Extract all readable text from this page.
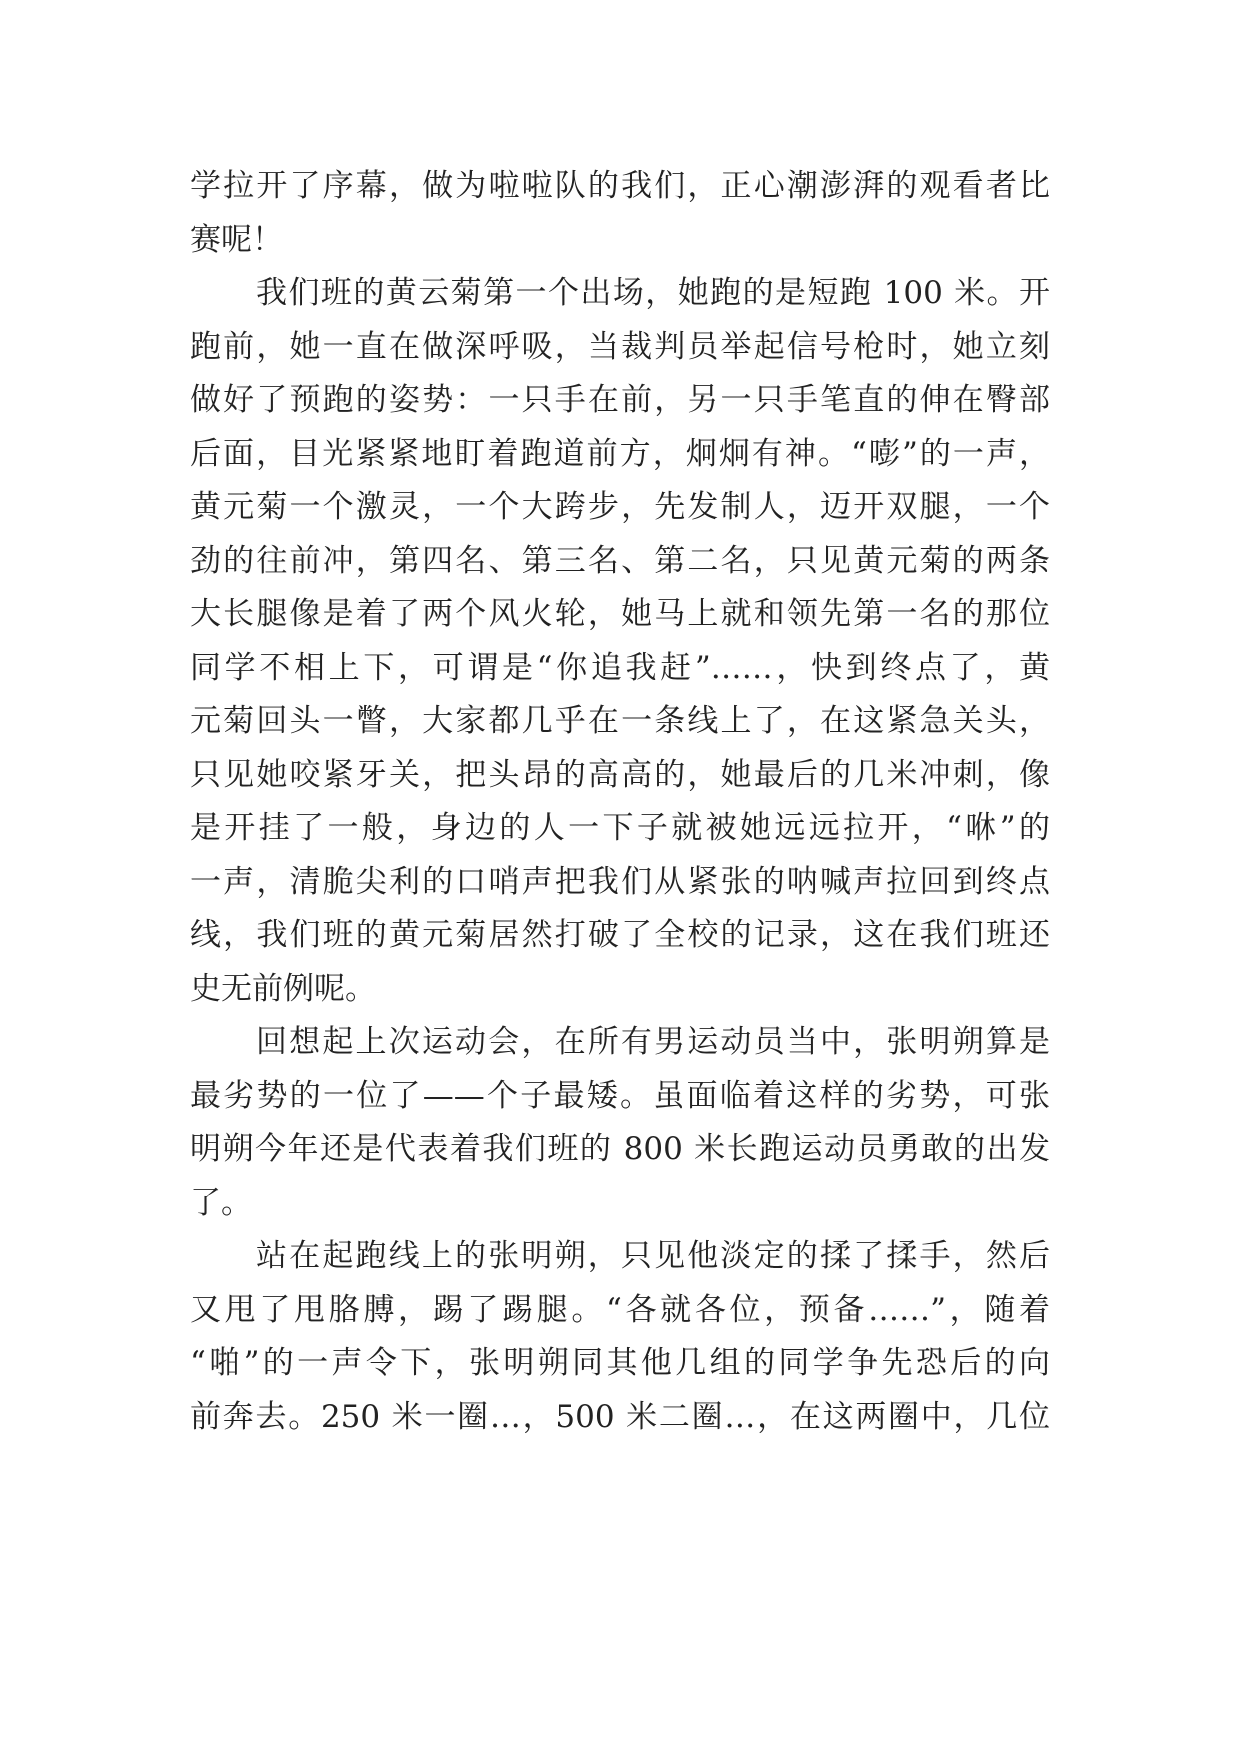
学拉开了序幕，做为啦啦队的我们，正心潮澎湃的观看者比
赛呢！
我们班的黄云菊第一个出场，她跑的是短跑 100 米。开
跑前，她一直在做深呼吸，当裁判员举起信号枪时，她立刻
做好了预跑的姿势：一只手在前，另一只手笔直的伸在臀部
后面，目光紧紧地盯着跑道前方，炯炯有神。“嘭”的一声，
黄元菊一个激灵，一个大跨步，先发制人，迈开双腿，一个
劲的往前冲，第四名、第三名、第二名，只见黄元菊的两条
大长腿像是着了两个风火轮，她马上就和领先第一名的那位
同学不相上下，可谓是“你追我赶”……，快到终点了，黄
元菊回头一瞥，大家都几乎在一条线上了，在这紧急关头，
只见她咬紧牙关，把头昂的高高的，她最后的几米冲刺，像
是开挂了一般，身边的人一下子就被她远远拉开，“咻”的
一声，清脆尖利的口哨声把我们从紧张的呐喊声拉回到终点
线，我们班的黄元菊居然打破了全校的记录，这在我们班还
史无前例呢。
回想起上次运动会，在所有男运动员当中，张明朔算是
最劣势的一位了——个子最矮。虽面临着这样的劣势，可张
明朔今年还是代表着我们班的 800 米长跑运动员勇敢的出发
了。
站在起跑线上的张明朔，只见他淡定的揉了揉手，然后
又甩了甩胳膊，踢了踢腿。“各就各位，预备……”，随着
“啪”的一声令下，张明朔同其他几组的同学争先恐后的向
前奔去。250 米一圈…，500 米二圈…，在这两圈中，几位
